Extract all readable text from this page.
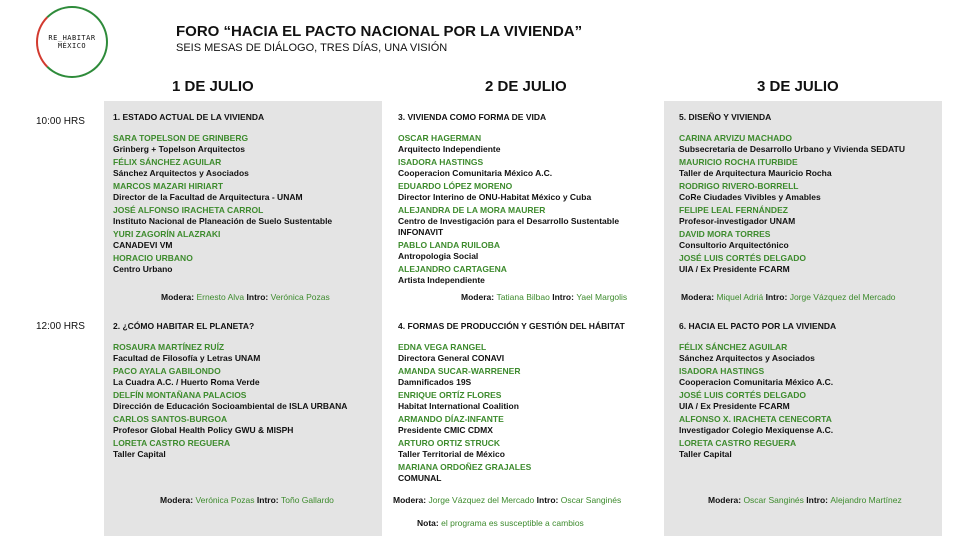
RE_HABITAR
MÉXICO
FORO “HACIA EL PACTO NACIONAL POR LA VIVIENDA”
SEIS MESAS DE DIÁLOGO, TRES DÍAS, UNA VISIÓN
1 DE JULIO	2 DE JULIO	3 DE JULIO
10:00 HRS
12:00 HRS
1. ESTADO ACTUAL DE LA VIVIENDA
SARA TOPELSON DE GRINBERG
Grinberg + Topelson Arquitectos
FÉLIX SÁNCHEZ AGUILAR
Sánchez Arquitectos y Asociados
MARCOS MAZARI HIRIART
Director de la Facultad de Arquitectura - UNAM
JOSÉ ALFONSO IRACHETA CARROL
Instituto Nacional de Planeación de Suelo Sustentable
YURI ZAGORÍN ALAZRAKI
CANADEVI VM
HORACIO URBANO
Centro Urbano
3. VIVIENDA COMO FORMA DE VIDA
OSCAR HAGERMAN
Arquitecto Independiente
ISADORA HASTINGS
Cooperacion Comunitaria México A.C.
EDUARDO LÓPEZ MORENO
Director Interino de ONU-Habitat México y Cuba
ALEJANDRA DE LA MORA MAURER
Centro de Investigación para el Desarrollo Sustentable INFONAVIT
PABLO LANDA RUILOBA
Antropologia Social
ALEJANDRO CARTAGENA
Artista Independiente
5. DISEÑO Y VIVIENDA
CARINA ARVIZU MACHADO
Subsecretaria de Desarrollo Urbano y Vivienda SEDATU
MAURICIO ROCHA ITURBIDE
Taller de Arquitectura Mauricio Rocha
RODRIGO RIVERO-BORRELL
CoRe Ciudades Vivibles y Amables
FELIPE LEAL FERNÁNDEZ
Profesor-investigador UNAM
DAVID MORA TORRES
Consultorio Arquitectónico
JOSÉ LUIS CORTÉS DELGADO
UIA / Ex Presidente FCARM
2. ¿CÓMO HABITAR EL PLANETA?
ROSAURA MARTÍNEZ RUÍZ
Facultad de Filosofía y Letras UNAM
PACO AYALA GABILONDO
La Cuadra A.C. / Huerto Roma Verde
DELFÍN MONTAÑANA PALACIOS
Dirección de Educación Socioambiental de ISLA URBANA
CARLOS SANTOS-BURGOA
Profesor Global Health Policy GWU & MISPH
LORETA CASTRO REGUERA
Taller Capital
4. FORMAS DE PRODUCCIÓN Y GESTIÓN DEL HÁBITAT
EDNA VEGA RANGEL
Directora General CONAVI
AMANDA SUCAR-WARRENER
Damnificados 19S
ENRIQUE ORTÍZ FLORES
Habitat International Coalition
ARMANDO DÍAZ-INFANTE
Presidente CMIC CDMX
ARTURO ORTIZ STRUCK
Taller Territorial de México
MARIANA ORDOÑEZ GRAJALES
COMUNAL
6. HACIA EL PACTO POR LA VIVIENDA
FÉLIX SÁNCHEZ AGUILAR
Sánchez Arquitectos y Asociados
ISADORA HASTINGS
Cooperacion Comunitaria México A.C.
JOSÉ LUIS CORTÉS DELGADO
UIA / Ex Presidente FCARM
ALFONSO X. IRACHETA CENECORTA
Investigador Colegio Mexiquense A.C.
LORETA CASTRO REGUERA
Taller Capital
Modera: Ernesto Alva Intro: Verónica Pozas	Modera: Tatiana Bilbao Intro: Yael Margolis	Modera: Miquel Adriá Intro: Jorge Vázquez del Mercado
Modera: Verónica Pozas Intro: Toño Gallardo	Modera: Jorge Vázquez del Mercado Intro: Oscar Sanginés	Modera: Oscar Sanginés Intro: Alejandro Martínez
Nota: el programa es susceptible a cambios
